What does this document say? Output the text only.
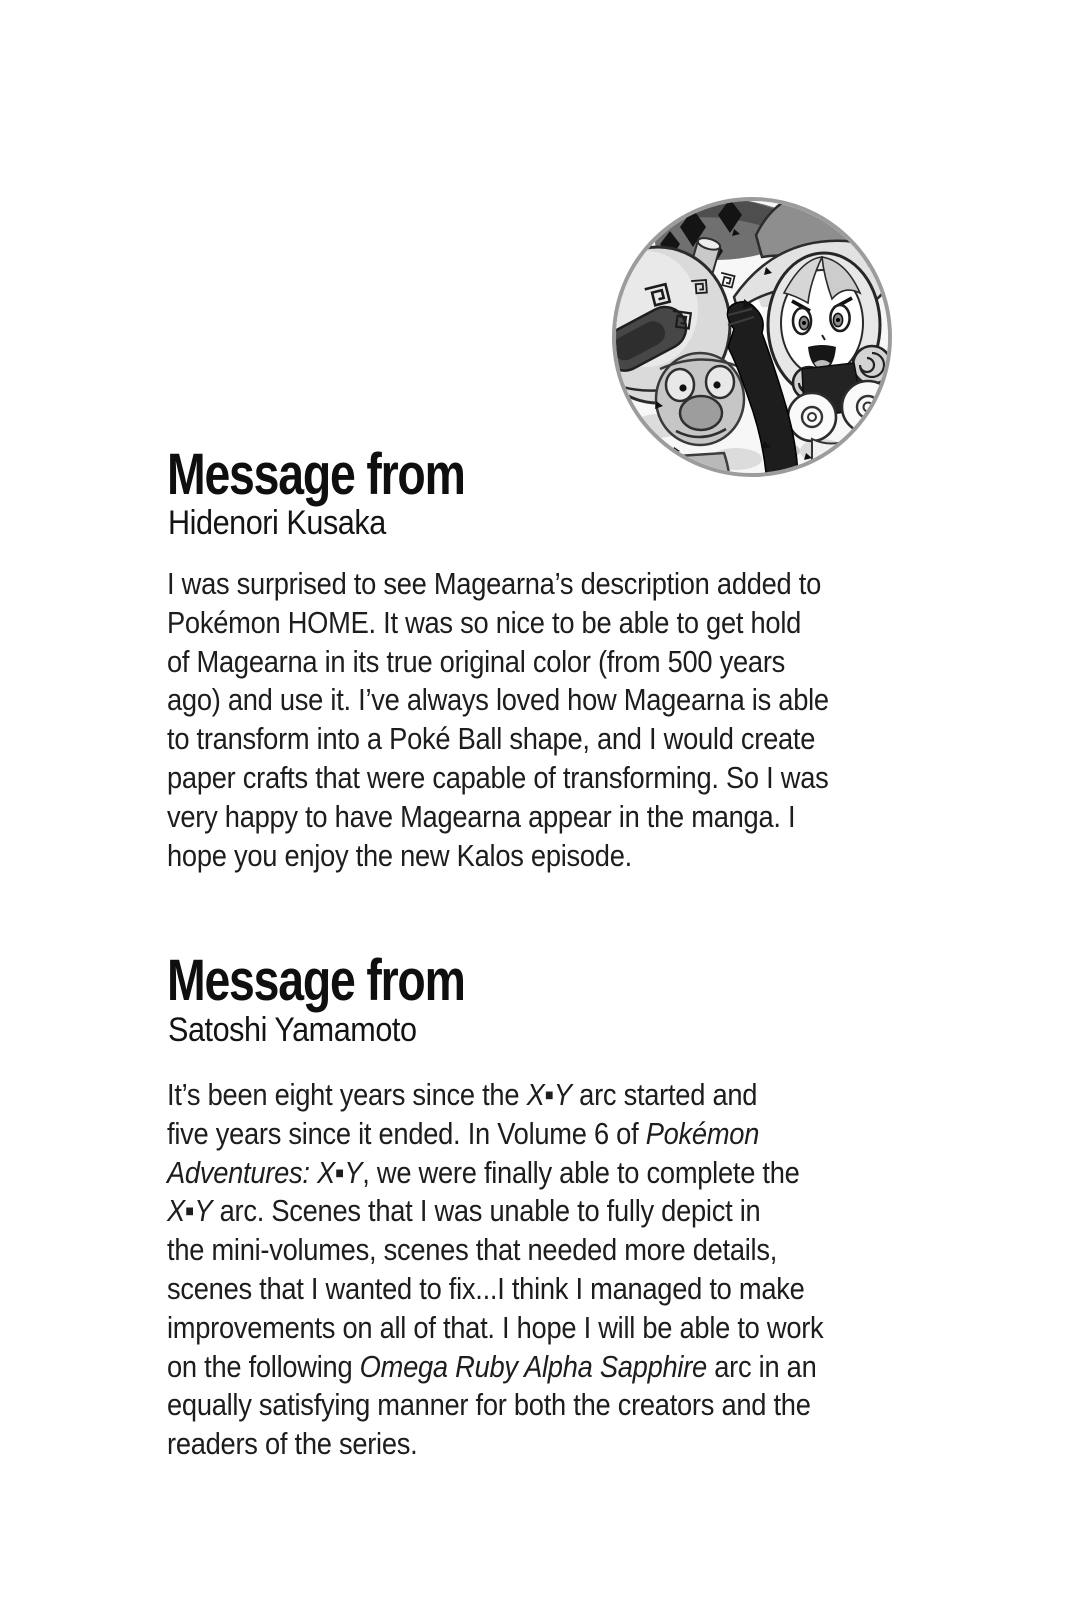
Message from
Hidenori Kusaka
I was surprised to see Magearna’s description added to
Pokémon HOME. It was so nice to be able to get hold
of Magearna in its true original color (from 500 years
ago) and use it. I’ve always loved how Magearna is able
to transform into a Poké Ball shape, and I would create
paper crafts that were capable of transforming. So I was
very happy to have Magearna appear in the manga. I
hope you enjoy the new Kalos episode.
Message from
Satoshi Yamamoto
It’s been eight years since the X▪Y arc started and
five years since it ended. In Volume 6 of Pokémon
Adventures: X▪Y, we were finally able to complete the
X▪Y arc. Scenes that I was unable to fully depict in
the mini-volumes, scenes that needed more details,
scenes that I wanted to fix...I think I managed to make
improvements on all of that. I hope I will be able to work
on the following Omega Ruby Alpha Sapphire arc in an
equally satisfying manner for both the creators and the
readers of the series.
